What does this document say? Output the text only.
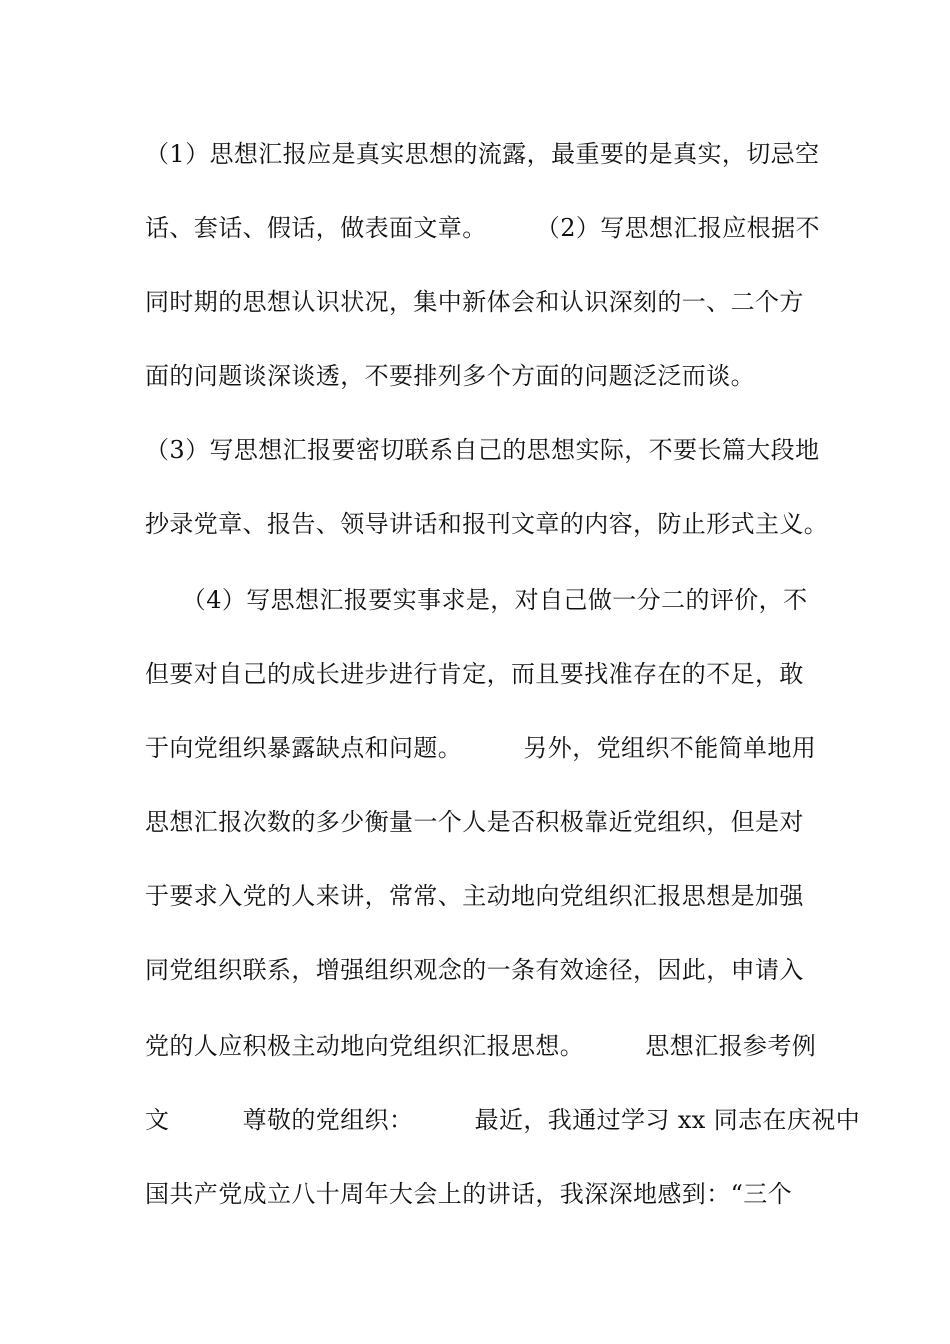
（1）思想汇报应是真实思想的流露，最重要的是真实，切忌空
话、套话、假话，做表面文章。　　　（2）写思想汇报应根据不
同时期的思想认识状况，集中新体会和认识深刻的一、二个方
面的问题谈深谈透，不要排列多个方面的问题泛泛而谈。
（3）写思想汇报要密切联系自己的思想实际，不要长篇大段地
抄录党章、报告、领导讲话和报刊文章的内容，防止形式主义。
　　（4）写思想汇报要实事求是，对自己做一分二的评价，不
但要对自己的成长进步进行肯定，而且要找准存在的不足，敢
于向党组织暴露缺点和问题。　　　另外，党组织不能简单地用
思想汇报次数的多少衡量一个人是否积极靠近党组织，但是对
于要求入党的人来讲，常常、主动地向党组织汇报思想是加强
同党组织联系，增强组织观念的一条有效途径，因此，申请入
党的人应积极主动地向党组织汇报思想。　　　思想汇报参考例
文　　　尊敬的党组织：　　　最近，我通过学习 xx 同志在庆祝中
国共产党成立八十周年大会上的讲话，我深深地感到：“三个
